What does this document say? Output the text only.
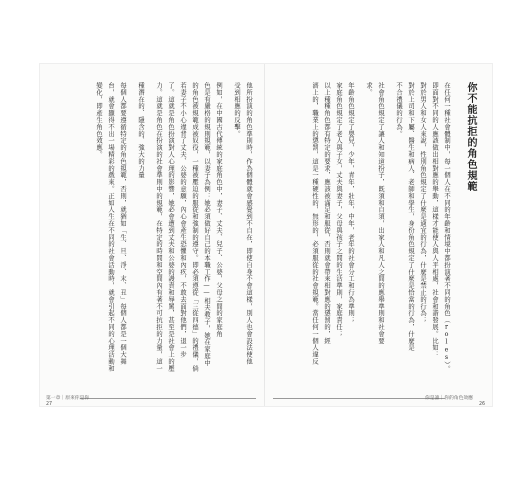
你不能抗拒的角色規範
在任何一種社會體制中，每一個人在不同的年齡和情境中都扮演著不同的角色（roles）。
即面對不同的人應該做出相對應的舉動，這樣才能使人與人平相處，社會和諧發展。比如：
對於男人和女人來說，性別角色規定了什麼是適宜的行為，什麼是禁止的行為；
對於上司和下屬、醫生和病人、老師和學生，身份角色規定了什麼是恰當的行為，什麼是
不合禮儀的行為。
社會角色規定了讓人和知道扮子，既須和自須，出家人和凡人之間的應舉準則和社會要
求。
年齡角色規定了嬰兒，少年，青年，壯年，中年，老年的社會分工和行為準則；
家庭角色規定了老人與子女，丈夫與妻子，父母與孩子之間的生活準則，家庭責任；
以上種種角色都有特定的要求，應該被滿足和服從，否則就會帶來相對應的懲罰的，經
濟上的，職業上的懲罰，這是一種硬性的，無形的，必須服從的社會規範。當任何一個人違反
你是誰｜你的角色效應
26
他所扮演的角色準則時，作為個體就會感覺到不自在，即使自身不會這樣，別人也會設法使他
受到相應的反擊。
例如，在中國古代傳統的家庭角色中，妻子、丈夫、兒子、公婆，父母之間的家庭角
色是有嚴格的規則規範，以妻子為例：她必須做好自己的本職工作——相夫教子，她在家庭中
的角色被規範成被奴役，一種被壓迫的服從和強制的遵守。即必須遵從「三從四德」的禮儀，倘
若妻子不小心違背了丈夫、公婆的意願，內心會產生恐懼和內疚，不敢去面對他們，退一步
了。這就是角色扮演對人心理的影響，她必會遭到丈夫和公婆的謾責和辱罵，甚至是社會上的壓
力。這就是角色在扮演的社會準則中的規範，在特定的時間和空間內有著不可抗拒的力量，這一
種潛在的、隱含的、強大的力量
每個人都要遵循特定的角色規範，否則，就猶如「生、旦、淨、末、丑」每個人都是一個大舞
台，就會顯得不出一場精彩的戲來。正如人生在不同的社會活動時，就會引起不同的心理活動和
變化，即產生角色效應。
第一章｜原來你是你
27
